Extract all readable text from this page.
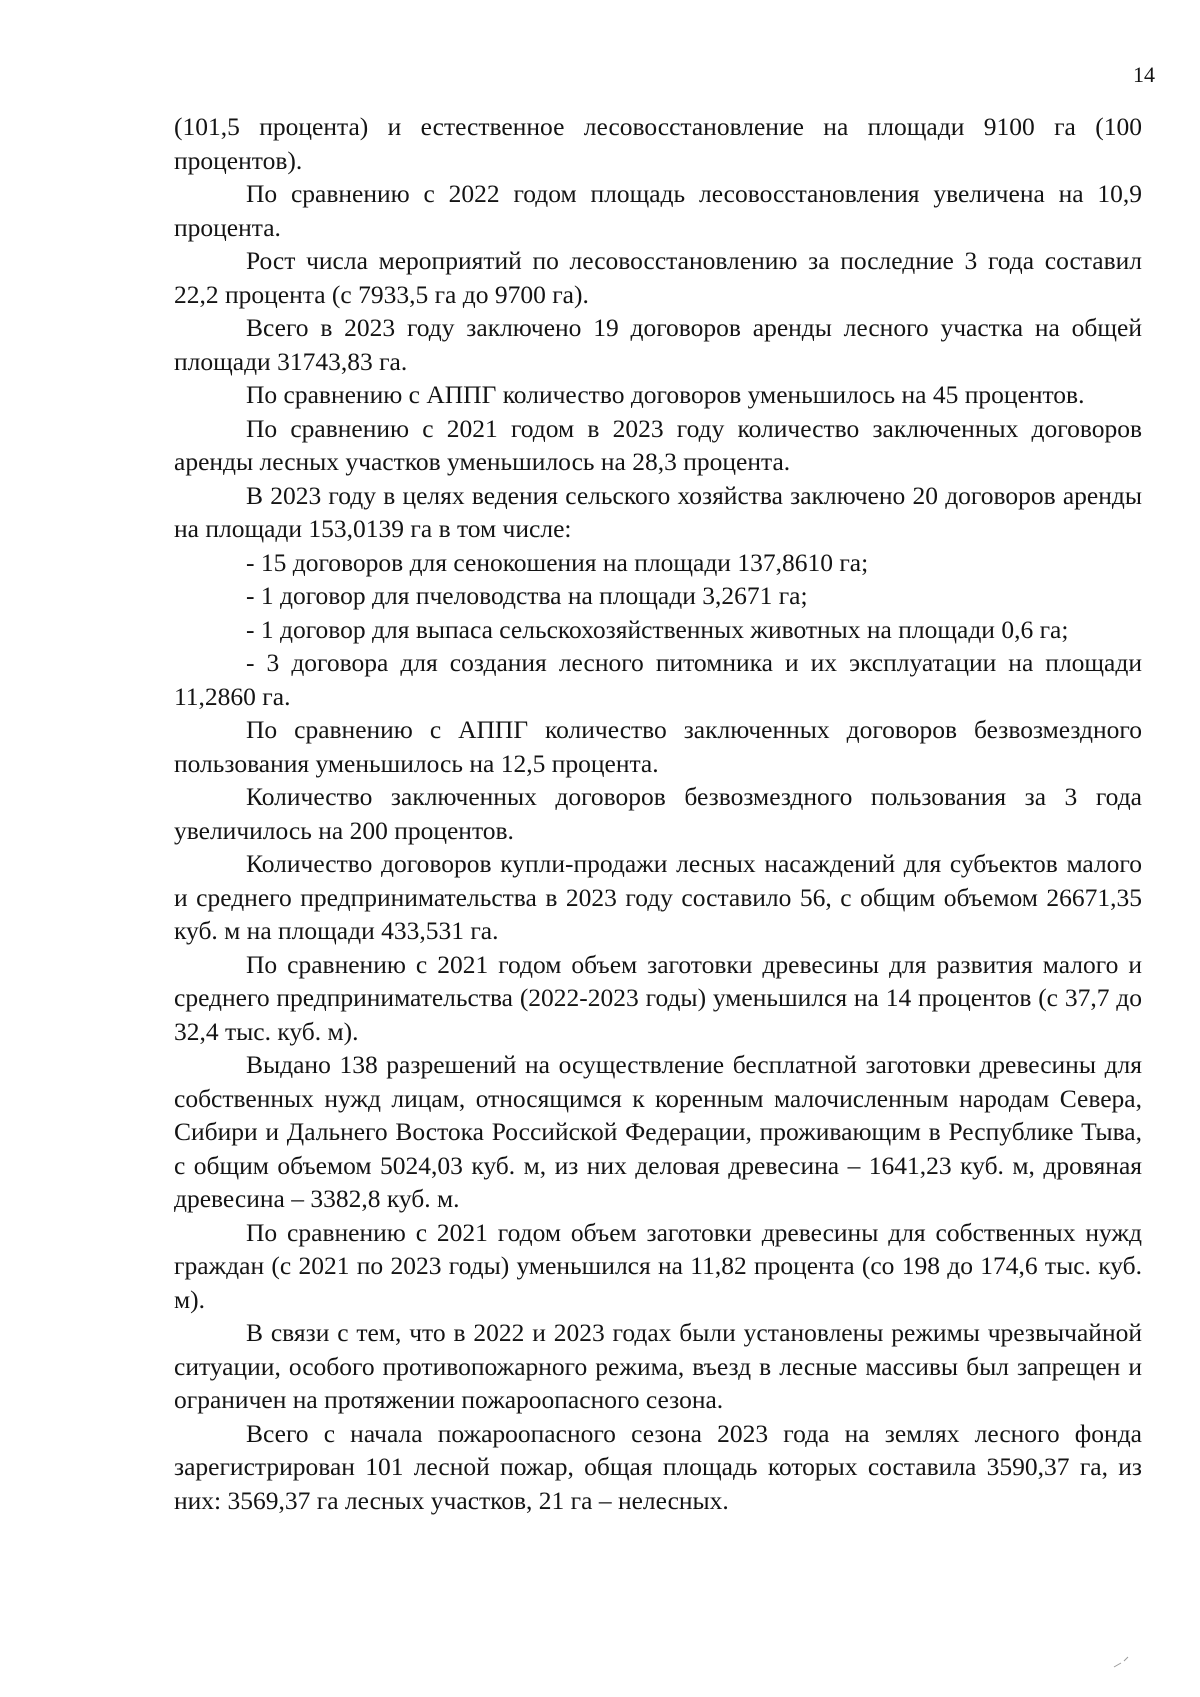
14

(101,5 процента) и естественное лесовосстановление на площади 9100 га (100 процентов).

По сравнению с 2022 годом площадь лесовосстановления увеличена на 10,9 процента.

Рост числа мероприятий по лесовосстановлению за последние 3 года составил 22,2 процента (с 7933,5 га до 9700 га).

Всего в 2023 году заключено 19 договоров аренды лесного участка на общей площади 31743,83 га.

По сравнению с АППГ количество договоров уменьшилось на 45 процентов.

По сравнению с 2021 годом в 2023 году количество заключенных договоров аренды лесных участков уменьшилось на 28,3 процента.

В 2023 году в целях ведения сельского хозяйства заключено 20 договоров аренды на площади 153,0139 га в том числе:

- 15 договоров для сенокошения на площади 137,8610 га;

- 1 договор для пчеловодства на площади 3,2671 га;

- 1 договор для выпаса сельскохозяйственных животных на площади 0,6 га;

- 3 договора для создания лесного питомника и их эксплуатации на площади 11,2860 га.

По сравнению с АППГ количество заключенных договоров безвозмездного пользования уменьшилось на 12,5 процента.

Количество заключенных договоров безвозмездного пользования за 3 года увеличилось на 200 процентов.

Количество договоров купли-продажи лесных насаждений для субъектов малого и среднего предпринимательства в 2023 году составило 56, с общим объемом 26671,35 куб. м на площади 433,531 га.

По сравнению с 2021 годом объем заготовки древесины для развития малого и среднего предпринимательства (2022-2023 годы) уменьшился на 14 процентов (с 37,7 до 32,4 тыс. куб. м).

Выдано 138 разрешений на осуществление бесплатной заготовки древесины для собственных нужд лицам, относящимся к коренным малочисленным народам Севера, Сибири и Дальнего Востока Российской Федерации, проживающим в Республике Тыва, с общим объемом 5024,03 куб. м, из них деловая древесина – 1641,23 куб. м, дровяная древесина – 3382,8 куб. м.

По сравнению с 2021 годом объем заготовки древесины для собственных нужд граждан (с 2021 по 2023 годы) уменьшился на 11,82 процента (со 198 до 174,6 тыс. куб. м).

В связи с тем, что в 2022 и 2023 годах были установлены режимы чрезвычайной ситуации, особого противопожарного режима, въезд в лесные массивы был запрещен и ограничен на протяжении пожароопасного сезона.

Всего с начала пожароопасного сезона 2023 года на землях лесного фонда зарегистрирован 101 лесной пожар, общая площадь которых составила 3590,37 га, из них: 3569,37 га лесных участков, 21 га – нелесных.
